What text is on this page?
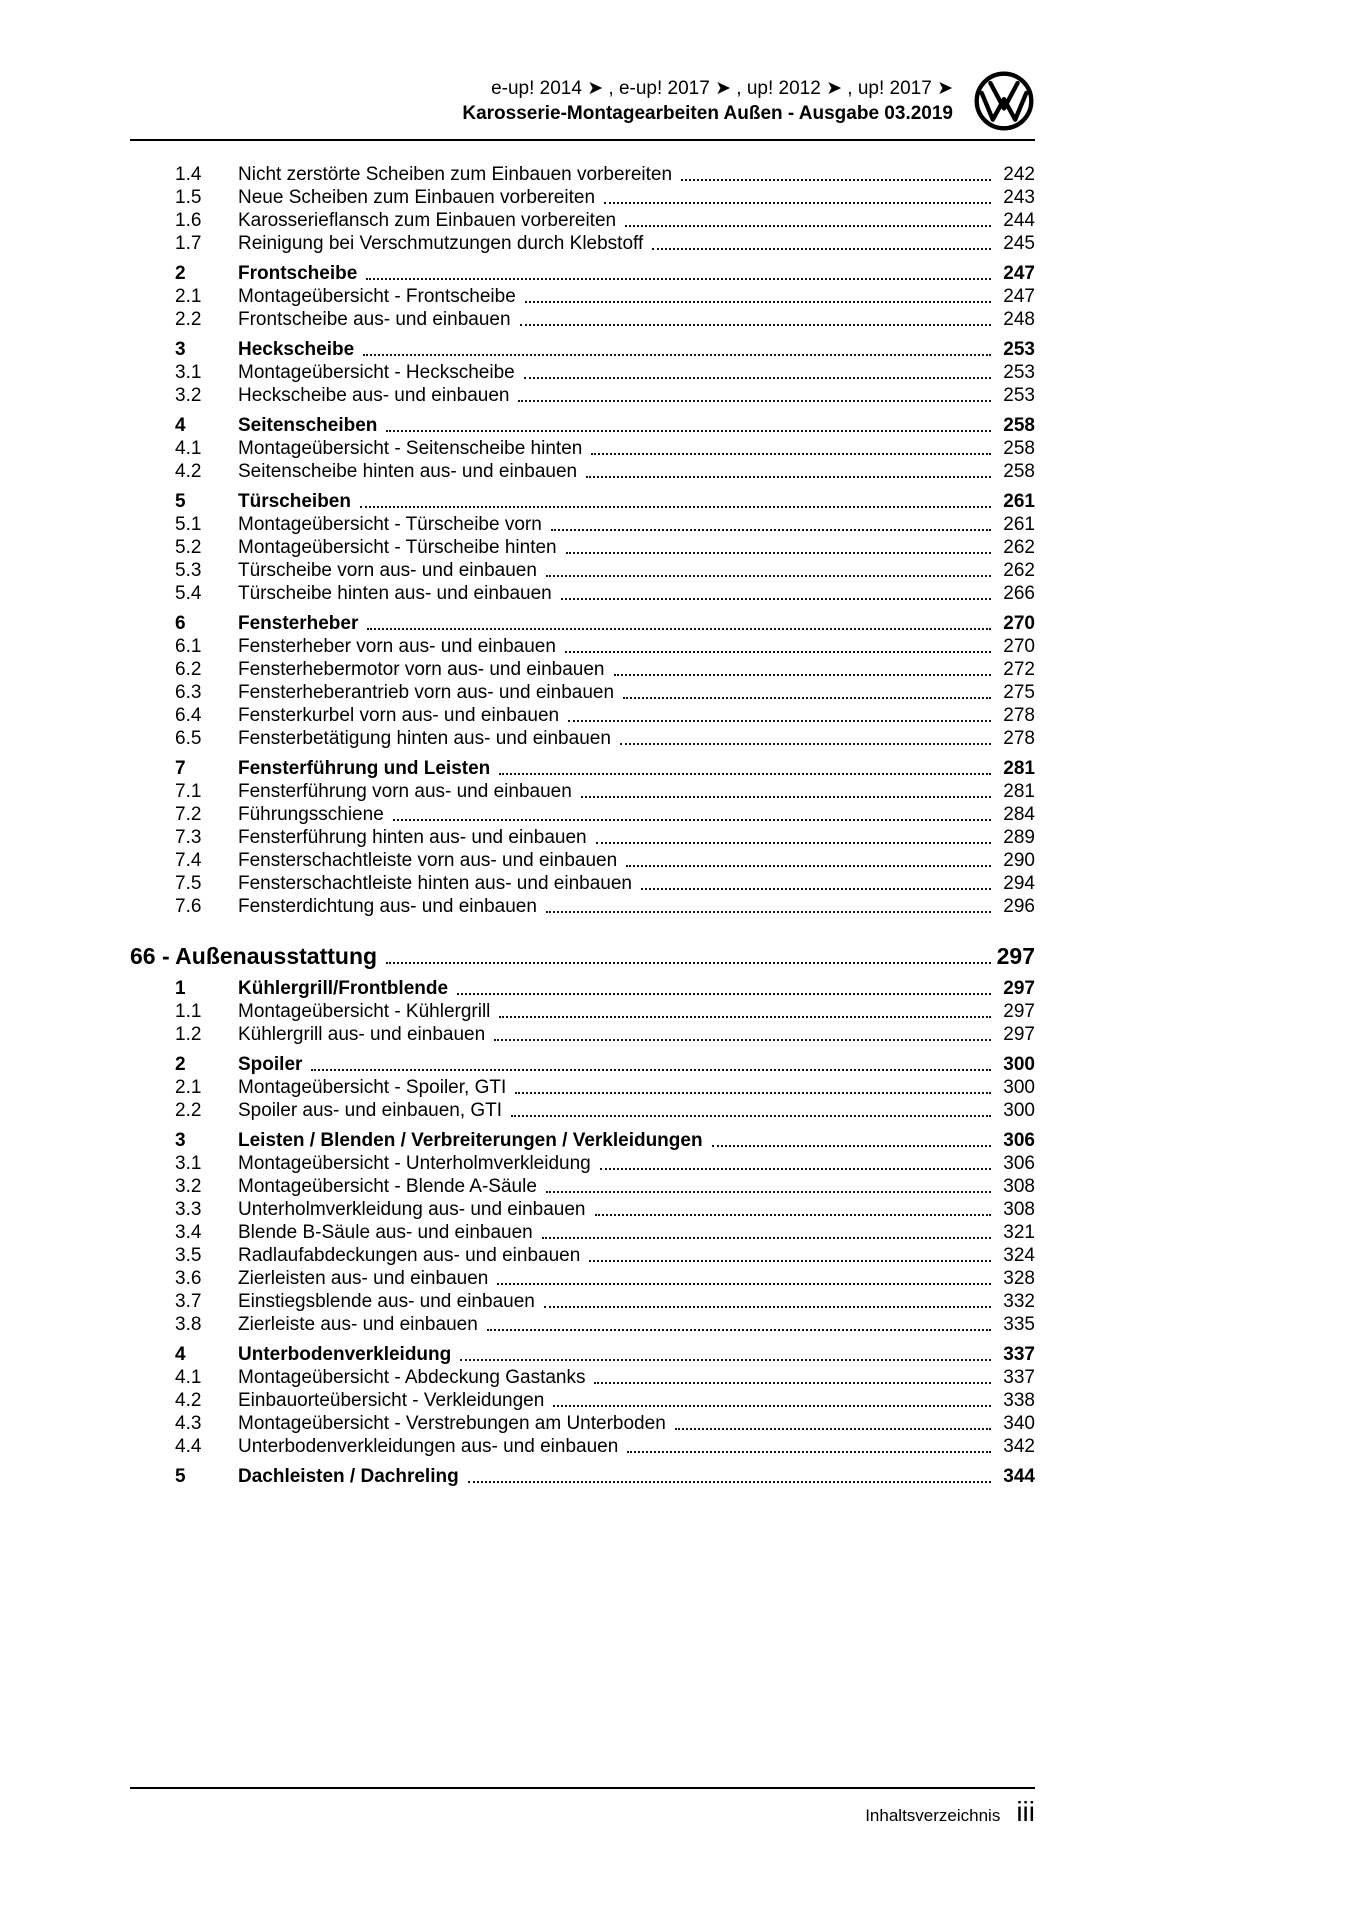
e-up! 2014 ➤ , e-up! 2017 ➤ , up! 2012 ➤ , up! 2017 ➤
Karosserie-Montagearbeiten Außen - Ausgabe 03.2019
1.4	Nicht zerstörte Scheiben zum Einbauen vorbereiten	242
1.5	Neue Scheiben zum Einbauen vorbereiten	243
1.6	Karosserieflansch zum Einbauen vorbereiten	244
1.7	Reinigung bei Verschmutzungen durch Klebstoff	245
2	Frontscheibe	247
2.1	Montageübersicht - Frontscheibe	247
2.2	Frontscheibe aus- und einbauen	248
3	Heckscheibe	253
3.1	Montageübersicht - Heckscheibe	253
3.2	Heckscheibe aus- und einbauen	253
4	Seitenscheiben	258
4.1	Montageübersicht - Seitenscheibe hinten	258
4.2	Seitenscheibe hinten aus- und einbauen	258
5	Türscheiben	261
5.1	Montageübersicht - Türscheibe vorn	261
5.2	Montageübersicht - Türscheibe hinten	262
5.3	Türscheibe vorn aus- und einbauen	262
5.4	Türscheibe hinten aus- und einbauen	266
6	Fensterheber	270
6.1	Fensterheber vorn aus- und einbauen	270
6.2	Fensterhebermotor vorn aus- und einbauen	272
6.3	Fensterheberantrieb vorn aus- und einbauen	275
6.4	Fensterkurbel vorn aus- und einbauen	278
6.5	Fensterbetätigung hinten aus- und einbauen	278
7	Fensterführung und Leisten	281
7.1	Fensterführung vorn aus- und einbauen	281
7.2	Führungsschiene	284
7.3	Fensterführung hinten aus- und einbauen	289
7.4	Fensterschachtleiste vorn aus- und einbauen	290
7.5	Fensterschachtleiste hinten aus- und einbauen	294
7.6	Fensterdichtung aus- und einbauen	296
66 - Außenausstattung	297
1	Kühlergrill/Frontblende	297
1.1	Montageübersicht - Kühlergrill	297
1.2	Kühlergrill aus- und einbauen	297
2	Spoiler	300
2.1	Montageübersicht - Spoiler, GTI	300
2.2	Spoiler aus- und einbauen, GTI	300
3	Leisten / Blenden / Verbreiterungen / Verkleidungen	306
3.1	Montageübersicht - Unterholmverkleidung	306
3.2	Montageübersicht - Blende A-Säule	308
3.3	Unterholmverkleidung aus- und einbauen	308
3.4	Blende B-Säule aus- und einbauen	321
3.5	Radlaufabdeckungen aus- und einbauen	324
3.6	Zierleisten aus- und einbauen	328
3.7	Einstiegsblende aus- und einbauen	332
3.8	Zierleiste aus- und einbauen	335
4	Unterbodenverkleidung	337
4.1	Montageübersicht - Abdeckung Gastanks	337
4.2	Einbauorteübersicht - Verkleidungen	338
4.3	Montageübersicht - Verstrebungen am Unterboden	340
4.4	Unterbodenverkleidungen aus- und einbauen	342
5	Dachleisten / Dachreling	344
Inhaltsverzeichnis iii
